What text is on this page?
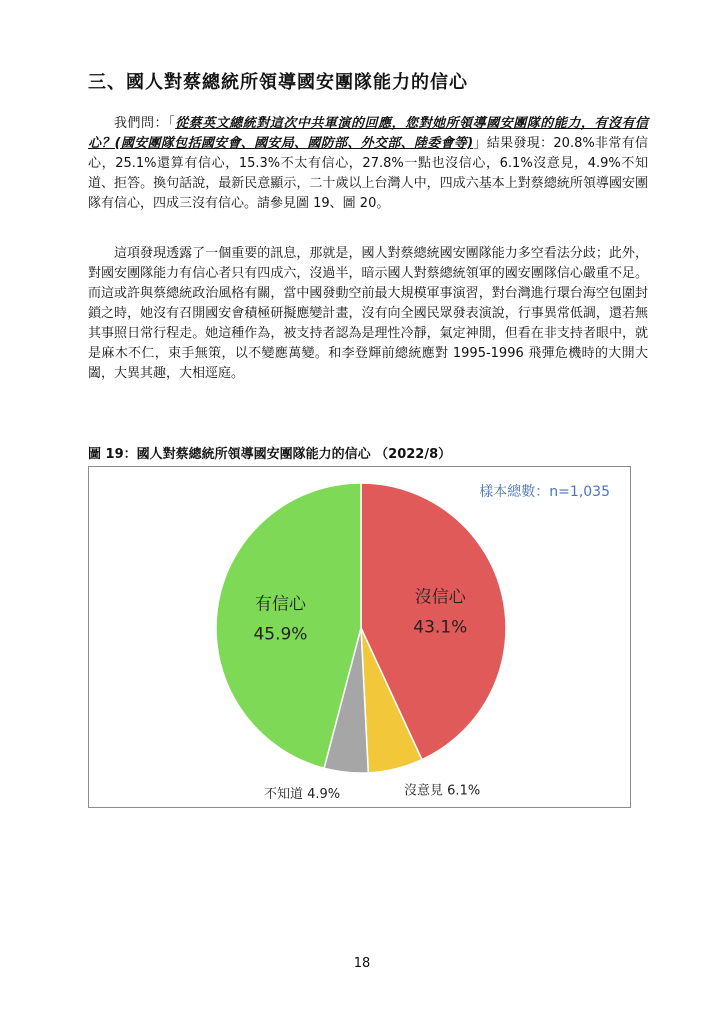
三、國人對蔡總統所領導國安團隊能力的信心

我們問：「從蔡英文總統對這次中共軍演的回應，您對她所領導國安團隊的能力，有沒有信心？(國安團隊包括國安會、國安局、國防部、外交部、陸委會等)」結果發現：20.8%非常有信心，25.1%還算有信心，15.3%不太有信心，27.8%一點也沒信心，6.1%沒意見，4.9%不知道、拒答。換句話說，最新民意顯示，二十歲以上台灣人中，四成六基本上對蔡總統所領導國安團隊有信心，四成三沒有信心。請參見圖 19、圖 20。

這項發現透露了一個重要的訊息，那就是，國人對蔡總統國安團隊能力多空看法分歧；此外，對國安團隊能力有信心者只有四成六，沒過半，暗示國人對蔡總統領軍的國安團隊信心嚴重不足。而這或許與蔡總統政治風格有關，當中國發動空前最大規模軍事演習，對台灣進行環台海空包圍封鎖之時，她沒有召開國安會積極研擬應變計畫，沒有向全國民眾發表演說，行事異常低調，還若無其事照日常行程走。她這種作為，被支持者認為是理性冷靜，氣定神閒，但看在非支持者眼中，就是麻木不仁，束手無策，以不變應萬變。和李登輝前總統應對 1995-1996 飛彈危機時的大開大闔，大異其趣，大相逕庭。

圖 19：國人對蔡總統所領導國安團隊能力的信心 （2022/8）
沒信心
43.1%
沒意見 6.1%
不知道 4.9%
有信心
45.9%
樣本總數：n=1,035
18
